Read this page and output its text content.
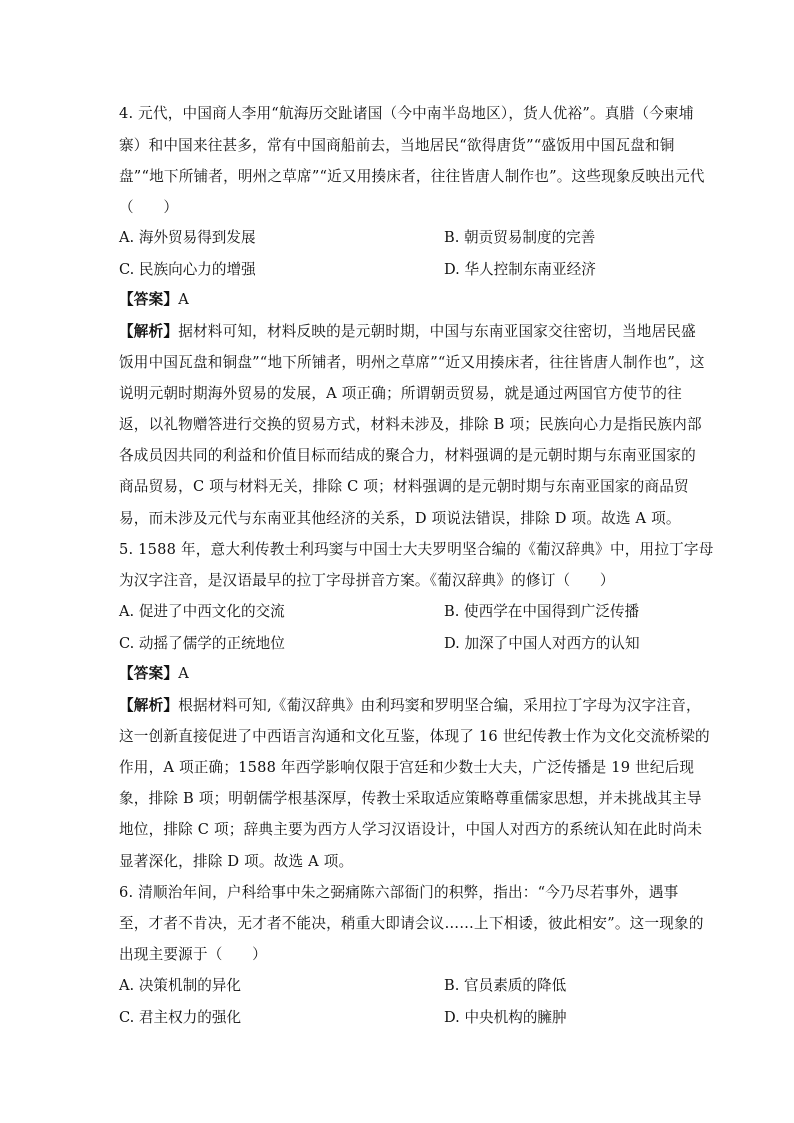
4. 元代，中国商人李用“航海历交趾诸国（今中南半岛地区），货人优裕”。真腊（今柬埔
寨）和中国来往甚多，常有中国商船前去，当地居民“欲得唐货”“盛饭用中国瓦盘和铜
盘”“地下所铺者，明州之草席”“近又用揍床者，往往皆唐人制作也”。这些现象反映出元代
（　　）
A. 海外贸易得到发展	B. 朝贡贸易制度的完善
C. 民族向心力的增强	D. 华人控制东南亚经济
【答案】A
【解析】据材料可知，材料反映的是元朝时期，中国与东南亚国家交往密切，当地居民盛
饭用中国瓦盘和铜盘”“地下所铺者，明州之草席”“近又用揍床者，往往皆唐人制作也”，这
说明元朝时期海外贸易的发展，A 项正确；所谓朝贡贸易，就是通过两国官方使节的往
返，以礼物赠答进行交换的贸易方式，材料未涉及，排除 B 项；民族向心力是指民族内部
各成员因共同的利益和价值目标而结成的聚合力，材料强调的是元朝时期与东南亚国家的
商品贸易，C 项与材料无关，排除 C 项；材料强调的是元朝时期与东南亚国家的商品贸
易，而未涉及元代与东南亚其他经济的关系，D 项说法错误，排除 D 项。故选 A 项。
5. 1588 年，意大利传教士利玛窦与中国士大夫罗明坚合编的《葡汉辞典》中，用拉丁字母
为汉字注音，是汉语最早的拉丁字母拼音方案。《葡汉辞典》的修订（　　）
A. 促进了中西文化的交流	B. 使西学在中国得到广泛传播
C. 动摇了儒学的正统地位	D. 加深了中国人对西方的认知
【答案】A
【解析】根据材料可知,《葡汉辞典》由利玛窦和罗明坚合编，采用拉丁字母为汉字注音，
这一创新直接促进了中西语言沟通和文化互鉴，体现了 16 世纪传教士作为文化交流桥梁的
作用，A 项正确；1588 年西学影响仅限于宫廷和少数士大夫，广泛传播是 19 世纪后现
象，排除 B 项；明朝儒学根基深厚，传教士采取适应策略尊重儒家思想，并未挑战其主导
地位，排除 C 项；辞典主要为西方人学习汉语设计，中国人对西方的系统认知在此时尚未
显著深化，排除 D 项。故选 A 项。
6. 清顺治年间，户科给事中朱之弼痛陈六部衙门的积弊，指出：“今乃尽若事外，遇事
至，才者不肯决，无才者不能决，稍重大即请会议……上下相诿，彼此相安”。这一现象的
出现主要源于（　　）
A. 决策机制的异化	B. 官员素质的降低
C. 君主权力的强化	D. 中央机构的臃肿
